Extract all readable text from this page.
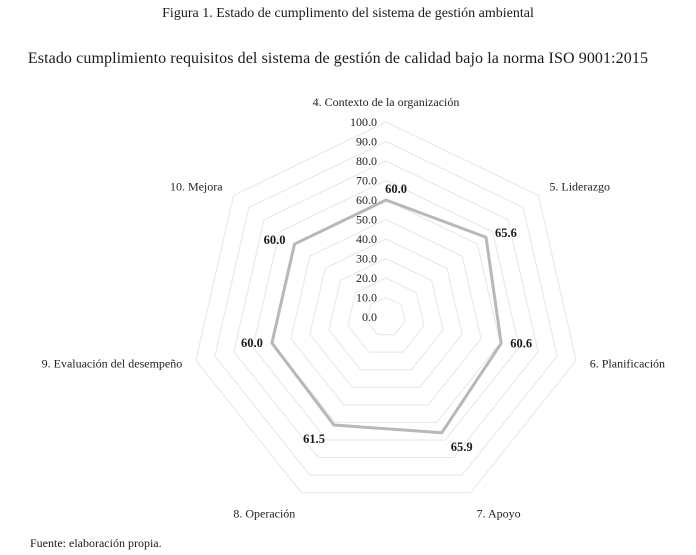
Figura 1. Estado de cumplimento del sistema de gestión ambiental
Estado cumplimiento requisitos del sistema de gestión de calidad bajo la norma ISO 9001:2015
0.0
10.0
20.0
30.0
40.0
50.0
60.0
70.0
80.0
90.0
100.0
4. Contexto de la organización
5. Liderazgo
6. Planificación
7. Apoyo
8. Operación
9. Evaluación del desempeño
10. Mejora	60.0
65.6
60.6
65.9
61.5
60.0
60.0
Fuente: elaboración propia.
